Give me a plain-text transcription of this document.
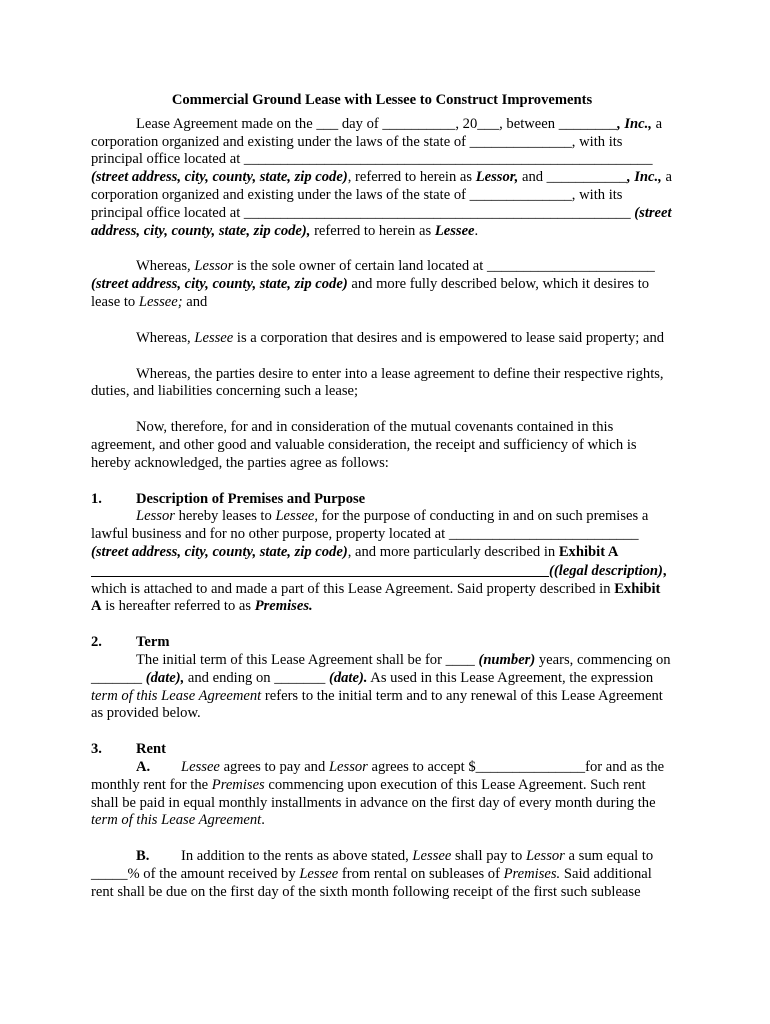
Commercial Ground Lease with Lessee to Construct Improvements

Lease Agreement made on the ___ day of __________, 20___, between ________, Inc., a corporation organized and existing under the laws of the state of ______________, with its principal office located at ________________________________________________________ (street address, city, county, state, zip code), referred to herein as Lessor, and ___________, Inc., a corporation organized and existing under the laws of the state of ______________, with its principal office located at _____________________________________________________ (street address, city, county, state, zip code), referred to herein as Lessee.

Whereas, Lessor is the sole owner of certain land located at _______________________ (street address, city, county, state, zip code) and more fully described below, which it desires to lease to Lessee; and

Whereas, Lessee is a corporation that desires and is empowered to lease said property; and

Whereas, the parties desire to enter into a lease agreement to define their respective rights, duties, and liabilities concerning such a lease;

Now, therefore, for and in consideration of the mutual covenants contained in this agreement, and other good and valuable consideration, the receipt and sufficiency of which is hereby acknowledged, the parties agree as follows:

1. Description of Premises and Purpose
Lessor hereby leases to Lessee, for the purpose of conducting in and on such premises a lawful business and for no other purpose, property located at __________________________ (street address, city, county, state, zip code), and more particularly described in Exhibit A ((legal description), which is attached to and made a part of this Lease Agreement. Said property described in Exhibit A is hereafter referred to as Premises.

2. Term
The initial term of this Lease Agreement shall be for ____ (number) years, commencing on _______ (date), and ending on _______ (date). As used in this Lease Agreement, the expression term of this Lease Agreement refers to the initial term and to any renewal of this Lease Agreement as provided below.

3. Rent
A. Lessee agrees to pay and Lessor agrees to accept $_______________for and as the monthly rent for the Premises commencing upon execution of this Lease Agreement. Such rent shall be paid in equal monthly installments in advance on the first day of every month during the term of this Lease Agreement.

B. In addition to the rents as above stated, Lessee shall pay to Lessor a sum equal to _____% of the amount received by Lessee from rental on subleases of Premises. Said additional rent shall be due on the first day of the sixth month following receipt of the first such sublease
